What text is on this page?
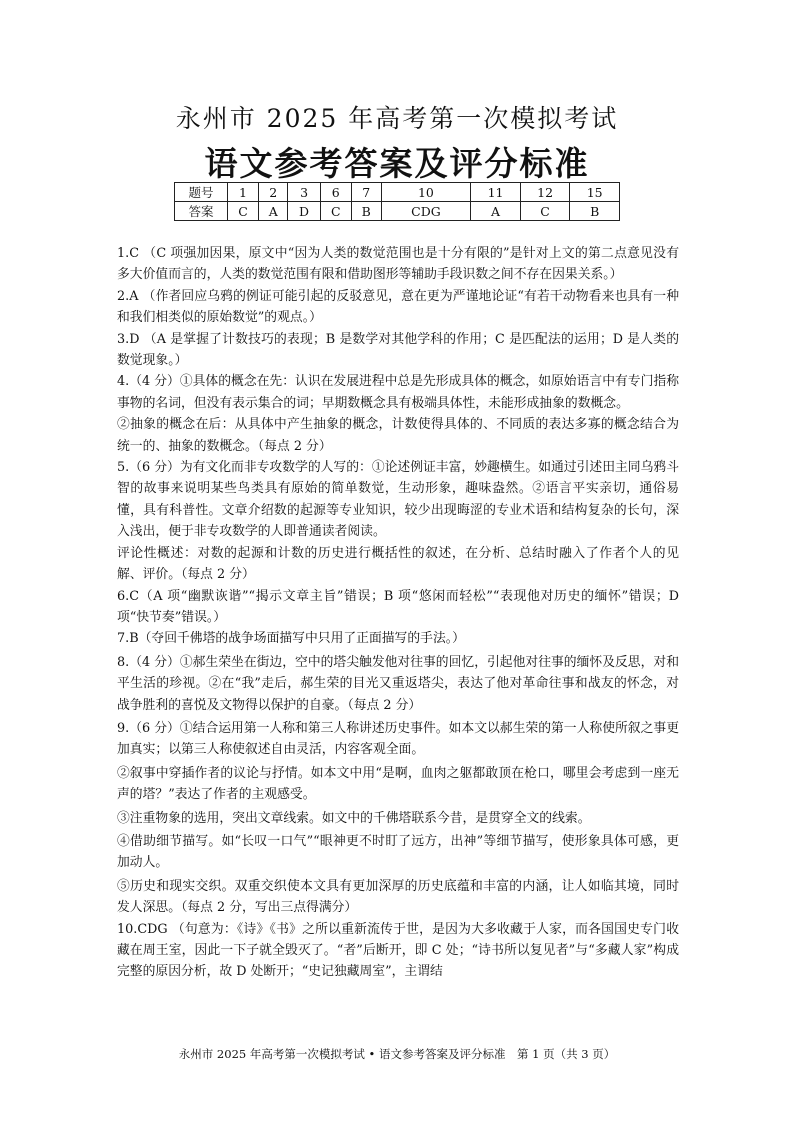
永州市 2025 年高考第一次模拟考试
语文参考答案及评分标准
题号	1	2	3	6	7	10	11	12	15
答案	C	A	D	C	B	CDG	A	C	B

1.C （C 项强加因果，原文中“因为人类的数觉范围也是十分有限的”是针对上文的第二点意见没有多大价值而言的，人类的数觉范围有限和借助图形等辅助手段识数之间不存在因果关系。）

2.A （作者回应乌鸦的例证可能引起的反驳意见，意在更为严谨地论证“有若干动物看来也具有一种和我们相类似的原始数觉”的观点。）

3.D （A 是掌握了计数技巧的表现；B 是数学对其他学科的作用；C 是匹配法的运用；D 是人类的数觉现象。）

4.（4 分）①具体的概念在先：认识在发展进程中总是先形成具体的概念，如原始语言中有专门指称事物的名词，但没有表示集合的词；早期数概念具有极端具体性，未能形成抽象的数概念。

②抽象的概念在后：从具体中产生抽象的概念，计数使得具体的、不同质的表达多寡的概念结合为统一的、抽象的数概念。（每点 2 分）

5.（6 分）为有文化而非专攻数学的人写的：①论述例证丰富，妙趣横生。如通过引述田主同乌鸦斗智的故事来说明某些鸟类具有原始的简单数觉，生动形象，趣味盎然。②语言平实亲切，通俗易懂，具有科普性。文章介绍数的起源等专业知识，较少出现晦涩的专业术语和结构复杂的长句，深入浅出，便于非专攻数学的人即普通读者阅读。

评论性概述：对数的起源和计数的历史进行概括性的叙述，在分析、总结时融入了作者个人的见解、评价。（每点 2 分）

6.C（A 项“幽默诙谐”“揭示文章主旨”错误；B 项“悠闲而轻松”“表现他对历史的缅怀”错误；D 项“快节奏”错误。）

7.B（夺回千佛塔的战争场面描写中只用了正面描写的手法。）

8.（4 分）①郝生荣坐在街边，空中的塔尖触发他对往事的回忆，引起他对往事的缅怀及反思，对和平生活的珍视。②在“我”走后，郝生荣的目光又重返塔尖，表达了他对革命往事和战友的怀念，对战争胜利的喜悦及文物得以保护的自豪。（每点 2 分）

9.（6 分）①结合运用第一人称和第三人称讲述历史事件。如本文以郝生荣的第一人称使所叙之事更加真实；以第三人称使叙述自由灵活，内容客观全面。

②叙事中穿插作者的议论与抒情。如本文中用“是啊，血肉之躯都敢顶在枪口，哪里会考虑到一座无声的塔？”表达了作者的主观感受。

③注重物象的选用，突出文章线索。如文中的千佛塔联系今昔，是贯穿全文的线索。

④借助细节描写。如“长叹一口气”“眼神更不时盯了远方，出神”等细节描写，使形象具体可感，更加动人。

⑤历史和现实交织。双重交织使本文具有更加深厚的历史底蕴和丰富的内涵，让人如临其境，同时发人深思。（每点 2 分，写出三点得满分）

10.CDG （句意为：《诗》《书》之所以重新流传于世，是因为大多收藏于人家，而各国国史专门收藏在周王室，因此一下子就全毁灭了。“者”后断开，即 C 处；“诗书所以复见者”与“多藏人家”构成完整的原因分析，故 D 处断开；“史记独藏周室”，主谓结

永州市 2025 年高考第一次模拟考试 • 语文参考答案及评分标准　第 1 页（共 3 页）
